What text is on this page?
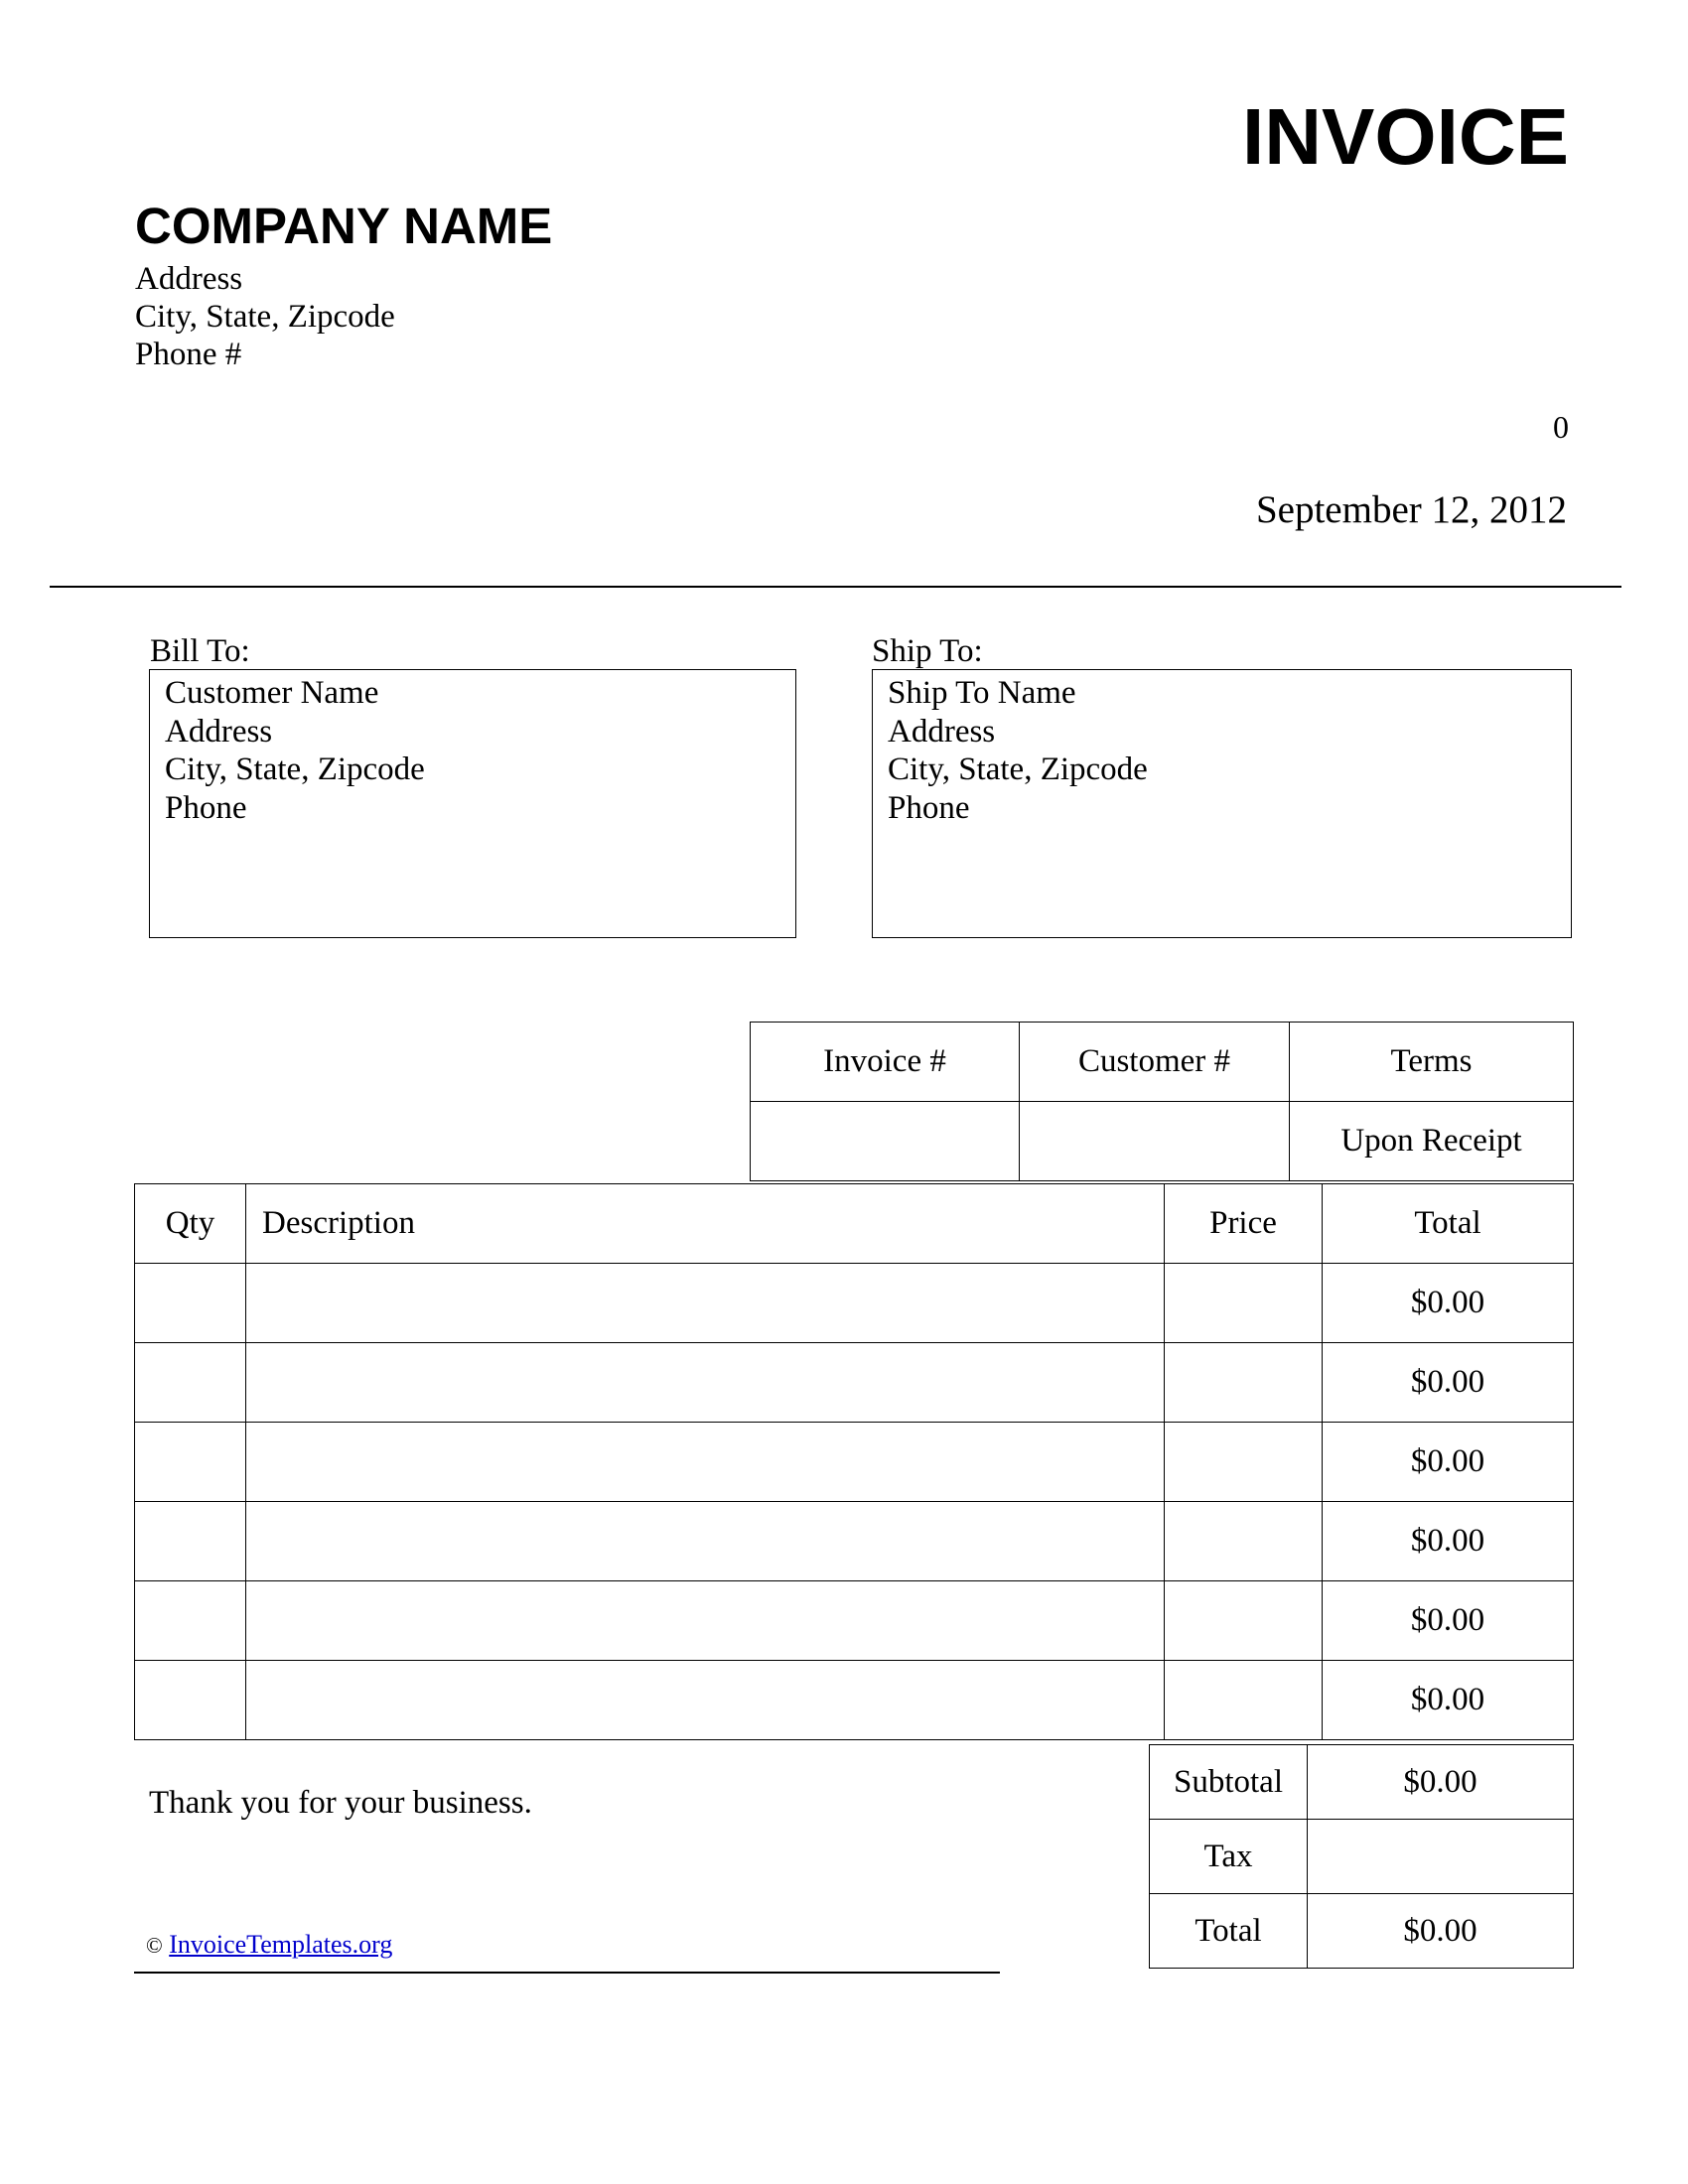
INVOICE
COMPANY NAME
Address
City, State, Zipcode
Phone #
0
September 12, 2012
Bill To:
Customer Name
Address
City, State, Zipcode
Phone
Ship To:
Ship To Name
Address
City, State, Zipcode
Phone
Invoice #	Customer #	Terms
		Upon Receipt
Qty	Description	Price	Total
			$0.00
			$0.00
			$0.00
			$0.00
			$0.00
			$0.00
Subtotal	$0.00
Tax	
Total	$0.00
Thank you for your business.
© InvoiceTemplates.org
